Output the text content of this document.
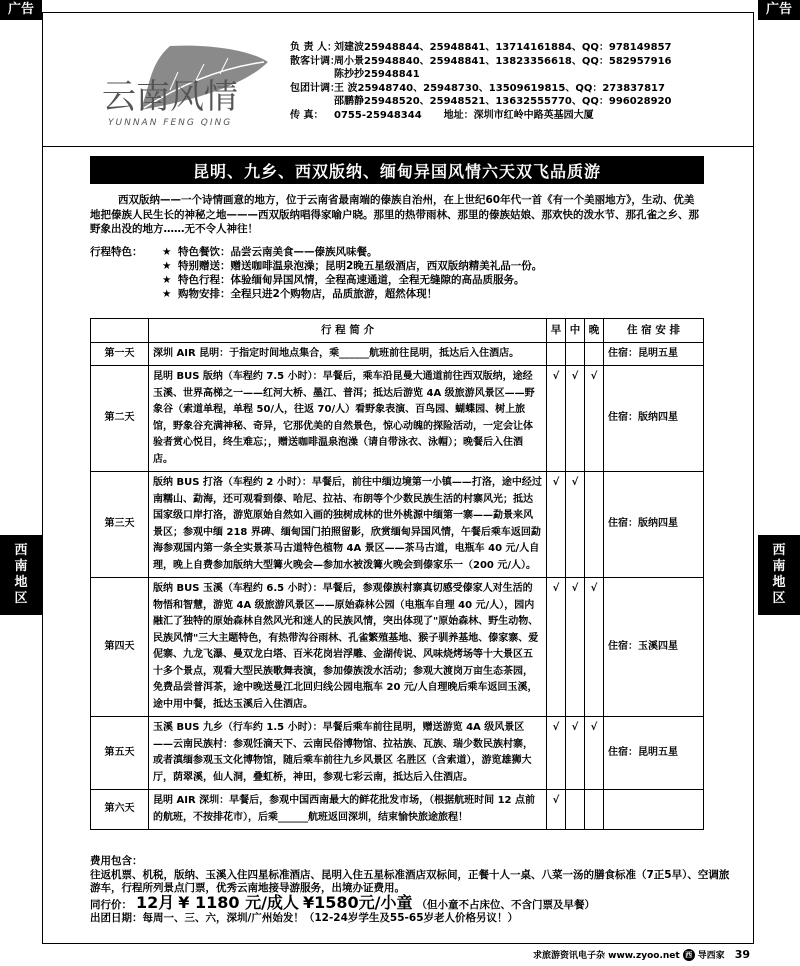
广告	广告
西
南
地
区
西
南
地
区
云南风情
YUNNAN FENG QING
负 责 人：
刘建波25948844、25948841、13714161884、QQ：978149857
散客计调：
周小景25948840、25948841、13823356618、QQ：582957916
陈抄抄25948841
包团计调：
王 波25948740、25948730、13509619815、QQ：273837817
邵鹏静25948520、25948521、13632555770、QQ：996028920
传 真：	0755-25948344 地址：深圳市红岭中路英基园大厦
昆明、九乡、西双版纳、缅甸异国风情六天双飞品质游
西双版纳——一个诗情画意的地方，位于云南省最南端的傣族自治州，在上世纪60年代一首《有一个美丽地方》，生动、优美地把傣族人民生长的神秘之地———西双版纳唱得家喻户晓。那里的热带雨林、那里的傣族姑娘、那欢快的泼水节、那孔雀之乡、那野象出没的地方……无不令人神往！
行程特色：	★ 特色餐饮：品尝云南美食——傣族风味餐。
★ 特别赠送：赠送咖啡温泉泡澡；昆明2晚五星级酒店，西双版纳精美礼品一份。
★ 特色行程：体验缅甸异国风情，全程高速通道，全程无缝隙的高品质服务。
★ 购物安排：全程只进2个购物店，品质旅游，超然体现！
	行 程 简 介	早	中	晚	住 宿 安 排
第一天	深圳 AIR 昆明：于指定时间地点集合，乘______航班前往昆明，抵达后入住酒店。				住宿：昆明五星
第二天	昆明 BUS 版纳（车程约 7.5 小时）：早餐后，乘车沿昆曼大通道前往西双版纳，途经玉溪、世界高梯之一——红河大桥、墨江、普洱；抵达后游览 4A 级旅游风景区——野象谷（索道单程，单程 50/人，往返 70/人）看野象表演、百鸟园、蝴蝶园、树上旅馆，野象谷充满神秘、奇异，它那优美的自然景色，惊心动魄的探险活动，一定会让体验者赏心悦目，终生难忘；，赠送咖啡温泉泡澡（请自带泳衣、泳帽）；晚餐后入住酒店。	√	√	√	住宿：版纳四星
第三天	版纳 BUS 打洛（车程约 2 小时）：早餐后，前往中缅边境第一小镇——打洛，途中经过南糯山、勐海，还可观看到傣、哈尼、拉祜、布朗等个少数民族生活的村寨风光；抵达国家级口岸打洛，游览原始自然如入画的独树成林的世外桃源中缅第一寨——勐景来风景区；参观中缅 218 界碑、缅甸国门拍照留影，欣赏缅甸异国风情，午餐后乘车返回勐海参观国内第一条全实景茶马古道特色植物 4A 景区——茶马古道，电瓶车 40 元/人自理，晚上自费参加版纳大型篝火晚会—参加水被泼篝火晚会到傣家乐一（200 元/人）。	√	√		住宿：版纳四星
第四天	版纳 BUS 玉溪（车程约 6.5 小时）：早餐后，参观傣族村寨真切感受傣家人对生活的物悟和智慧，游览 4A 级旅游风景区——原始森林公园（电瓶车自理 40 元/人），园内融汇了独特的原始森林自然风光和迷人的民族风情，突出体现了"原始森林、野生动物、民族风情"三大主题特色，有热带沟谷雨林、孔雀繁殖基地、猴子驯养基地、傣家寨、爱伲寨、九龙飞瀑、曼双龙白塔、百米花岗岩浮雕、金湖传说、风味烧烤场等十大景区五十多个景点，观看大型民族歌舞表演，参加傣族泼水活动；参观大渡岗万亩生态茶园，免费品尝普洱茶，途中晚送曼江北回归线公园电瓶车 20 元/人自理晚后乘车返回玉溪，途中用中餐，抵达玉溪后入住酒店。	√	√	√	住宿：玉溪四星
第五天	玉溪 BUS 九乡（行车约 1.5 小时）：早餐后乘车前往昆明，赠送游览 4A 级风景区——云南民族村：参观饪滴天下、云南民俗博物馆、拉祜族、瓦族、瑞少数民族村寨，或者滇缅参观玉文化博物馆，随后乘车前往九乡风景区 名胜区（含索道），游览雄狮大厅，荫翠溪，仙人洞，叠虹桥，神田，参观七彩云南，抵达后入住酒店。	√	√	√	住宿：昆明五星
第六天	昆明 AIR 深圳：早餐后，参观中国西南最大的鲜花批发市场，（根据航班时间 12 点前的航班，不按排花市），后乘______航班返回深圳，结束愉快旅途旅程！	√			
费用包含：
往返机票、机税，版纳、玉溪入住四星标准酒店、昆明入住五星标准酒店双标间，正餐十人一桌、八菜一汤的膳食标准（7正5早）、空调旅游车，行程所列景点门票，优秀云南地接导游服务，出境办证费用。
同行价： 12月 ¥ 1180 元/成人 ¥1580元/小童 （但小童不占床位、不含门票及早餐）
出团日期：每周一、三、六，深圳/广州始发！（12-24岁学生及55-65岁老人价格另议！）
求旅游资讯电子杂 www.zyoo.net 西 导西家 39
